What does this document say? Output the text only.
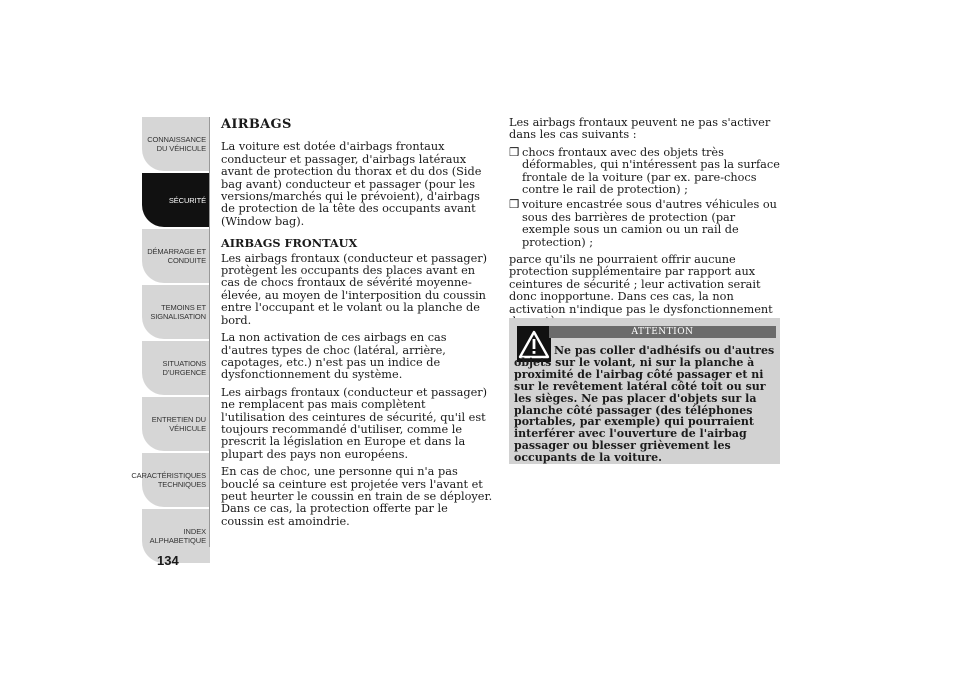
CONNAISSANCE DU VÉHICULE
SÉCURITÉ
DÉMARRAGE ET CONDUITE
TEMOINS ET SIGNALISATION
SITUATIONS D'URGENCE
ENTRETIEN DU VÉHICULE
CARACTÉRISTIQUES TECHNIQUES
INDEX ALPHABETIQUE
134
AIRBAGS

La voiture est dotée d'airbags frontaux conducteur et passager, d'airbags latéraux avant de protection du thorax et du dos (Side bag avant) conducteur et passager (pour les versions/marchés qui le prévoient), d'airbags de protection de la tête des occupants avant (Window bag).

AIRBAGS FRONTAUX

Les airbags frontaux (conducteur et passager) protègent les occupants des places avant en cas de chocs frontaux de sévérité moyenne-élevée, au moyen de l'interposition du coussin entre l'occupant et le volant ou la planche de bord.

La non activation de ces airbags en cas d'autres types de choc (latéral, arrière, capotages, etc.) n'est pas un indice de dysfonctionnement du système.

Les airbags frontaux (conducteur et passager) ne remplacent pas mais complètent l'utilisation des ceintures de sécurité, qu'il est toujours recommandé d'utiliser, comme le prescrit la législation en Europe et dans la plupart des pays non européens.

En cas de choc, une personne qui n'a pas bouclé sa ceinture est projetée vers l'avant et peut heurter le coussin en train de se déployer. Dans ce cas, la protection offerte par le coussin est amoindrie.

Les airbags frontaux peuvent ne pas s'activer dans les cas suivants :

❒ chocs frontaux avec des objets très déformables, qui n'intéressent pas la surface frontale de la voiture (par ex. pare-chocs contre le rail de protection) ;
❒ voiture encastrée sous d'autres véhicules ou sous des barrières de protection (par exemple sous un camion ou un rail de protection) ;

parce qu'ils ne pourraient offrir aucune protection supplémentaire par rapport aux ceintures de sécurité ; leur activation serait donc inopportune. Dans ces cas, la non activation n'indique pas le dysfonctionnement

ATTENTION
Ne pas coller d'adhésifs ou d'autres
objets sur le volant, ni sur la planche à proximité de l'airbag côté passager et ni sur le revêtement latéral côté toit ou sur les sièges. Ne pas placer d'objets sur la planche côté passager (des téléphones portables, par exemple) qui pourraient interférer avec l'ouverture de l'airbag passager ou blesser grièvement les occupants de la voiture.
